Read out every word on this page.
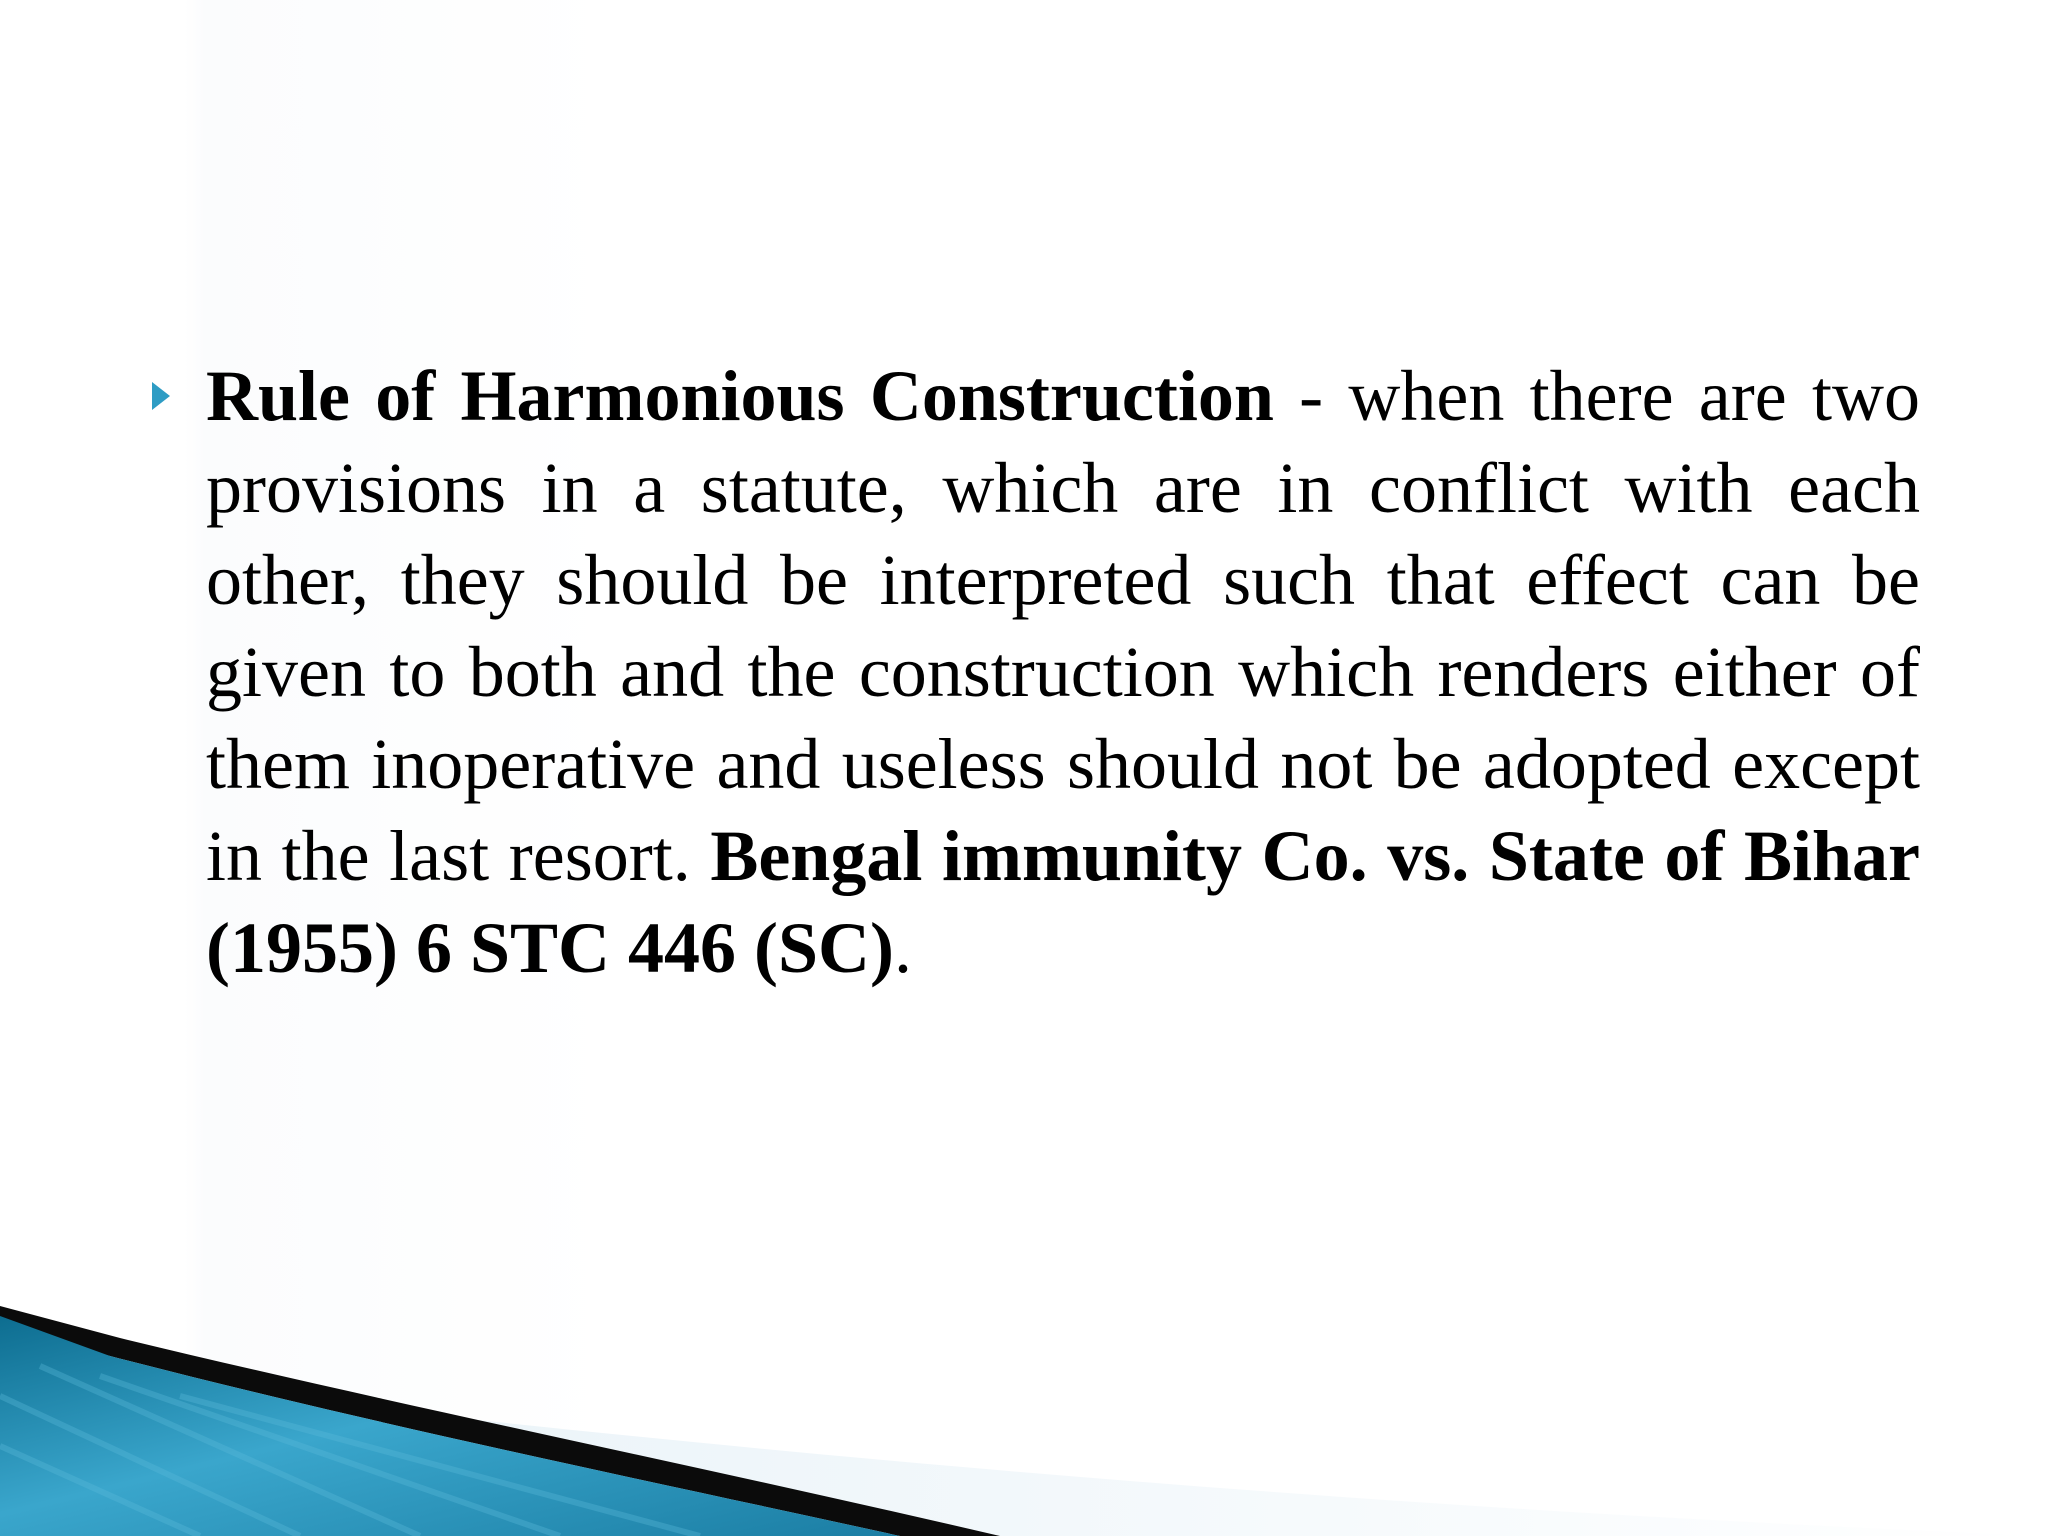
Rule of Harmonious Construction - when there are two provisions in a statute, which are in conflict with each other, they should be interpreted such that effect can be given to both and the construction which renders either of them inoperative and useless should not be adopted except in the last resort. Bengal immunity Co. vs. State of Bihar (1955) 6 STC 446 (SC).
